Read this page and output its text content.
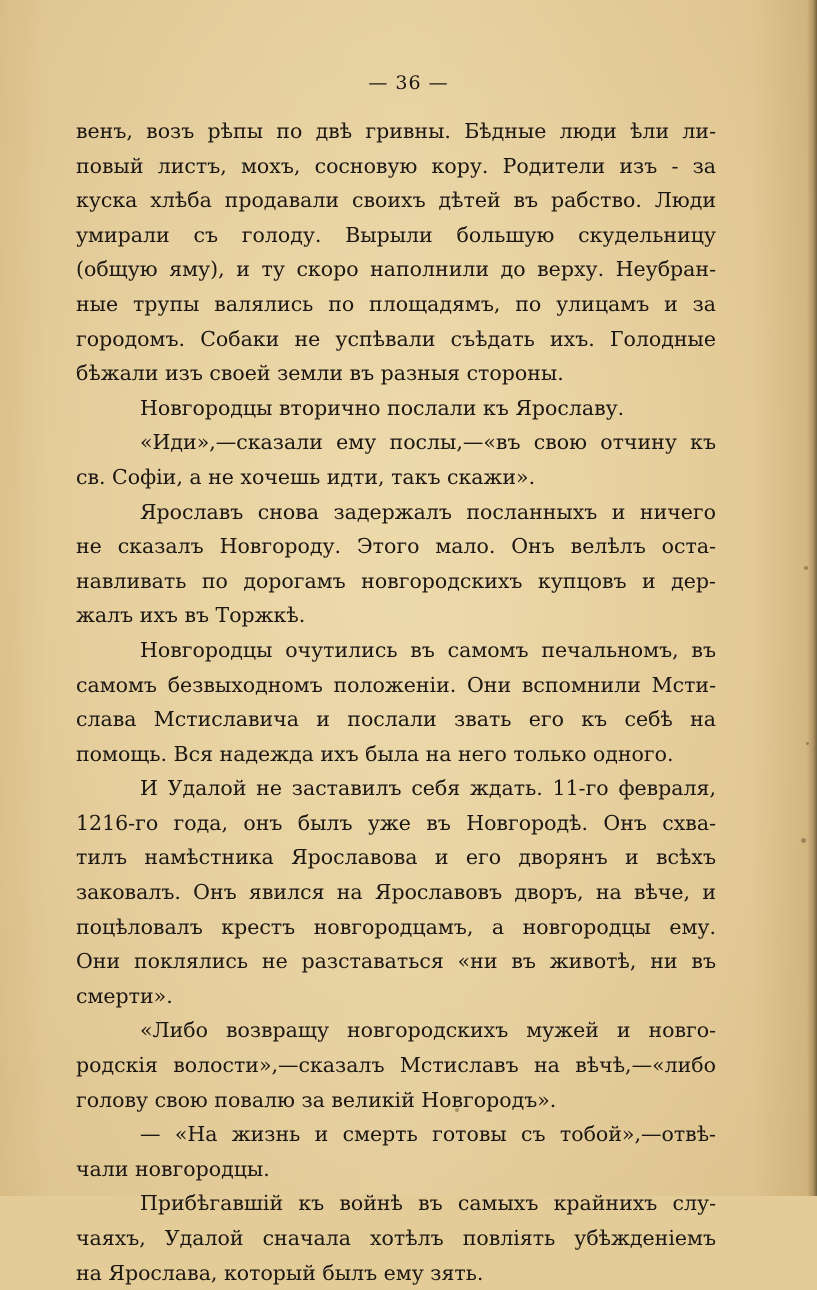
— 36 —
венъ, возъ рѣпы по двѣ гривны. Бѣдные люди ѣли ли-
повый листъ, мохъ, сосновую кору. Родители изъ - за
куска хлѣба продавали своихъ дѣтей въ рабство. Люди
умирали съ голоду. Вырыли большую скудельницу
(общую яму), и ту скоро наполнили до верху. Неубран-
ные трупы валялись по площадямъ, по улицамъ и за
городомъ. Собаки не успѣвали съѣдать ихъ. Голодные
бѣжали изъ своей земли въ разныя стороны.
Новгородцы вторично послали къ Ярославу.
«Иди»,—сказали ему послы,—«въ свою отчину къ
св. Софiи, а не хочешь идти, такъ скажи».
Ярославъ снова задержалъ посланныхъ и ничего
не сказалъ Новгороду. Этого мало. Онъ велѣлъ оста-
навливать по дорогамъ новгородскихъ купцовъ и дер-
жалъ ихъ въ Торжкѣ.
Новгородцы очутились въ самомъ печальномъ, въ
самомъ безвыходномъ положенiи. Они вспомнили Мсти-
слава Мстиславича и послали звать его къ себѣ на
помощь. Вся надежда ихъ была на него только одного.
И Удалой не заставилъ себя ждать. 11-го февраля,
1216-го года, онъ былъ уже въ Новгородѣ. Онъ схва-
тилъ намѣстника Ярославова и его дворянъ и всѣхъ
заковалъ. Онъ явился на Ярославовъ дворъ, на вѣче, и
поцѣловалъ крестъ новгородцамъ, а новгородцы ему.
Они поклялись не разставаться «ни въ животѣ, ни въ
смерти».
«Либо возвращу новгородскихъ мужей и новго-
родскiя волости»,—сказалъ Мстиславъ на вѣчѣ,—«либо
голову свою повалю за великiй Новгородъ».
— «На жизнь и смерть готовы съ тобой»,—отвѣ-
чали новгородцы.
Прибѣгавшiй къ войнѣ въ самыхъ крайнихъ слу-
чаяхъ, Удалой сначала хотѣлъ повлiять убѣжденiемъ
на Ярослава, который былъ ему зять.
